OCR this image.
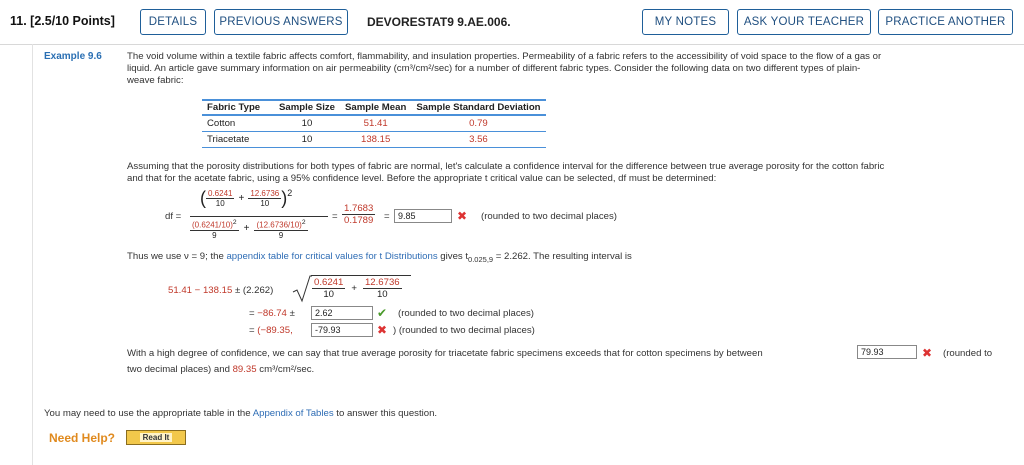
11. [2.5/10 Points]	DETAILS	PREVIOUS ANSWERS	DEVORESTAT9 9.AE.006.	MY NOTES	ASK YOUR TEACHER	PRACTICE ANOTHER
Example 9.6	The void volume within a textile fabric affects comfort, flammability, and insulation properties. Permeability of a fabric refers to the accessibility of void space to the flow of a gas or
liquid. An article gave summary information on air permeability (cm³/cm²/sec) for a number of different fabric types. Consider the following data on two different types of plain-
weave fabric:
Fabric Type	Sample Size	Sample Mean	Sample Standard Deviation
Cotton	10	51.41	0.79
Triacetate	10	138.15	3.56
Assuming that the porosity distributions for both types of fabric are normal, let's calculate a confidence interval for the difference between true average porosity for the cotton fabric
and that for the acetate fabric, using a 95% confidence level. Before the appropriate t critical value can be selected, df must be determined:
df =
( $\frac{0.6241}{10} + \frac{12.6736}{10}$ ) 2
$\frac{(0.6241/10)^2}{9} + \frac{(12.6736/10)^2}{9}$
= $\frac{1.7683}{0.1789} = 9.85$	✖ (rounded to two decimal places)
Thus we use ν = 9; the appendix table for critical values for t Distributions gives $t_{0.025,9} = 2.262$. The resulting interval is
51.41 − 138.15 ± (2.262)	$\frac{0.6241}{10} + \frac{12.6736}{10}$
= −86.74 ±	2.62	✔ (rounded to two decimal places)
= (−89.35,	-79.93	✖ ) (rounded to two decimal places)
With a high degree of confidence, we can say that true average porosity for triacetate fabric specimens exceeds that for cotton specimens by between	79.93	✖ (rounded to
two decimal places) and 89.35 cm³/cm²/sec.
You may need to use the appropriate table in the Appendix of Tables to answer this question.
Need Help?	Read It
